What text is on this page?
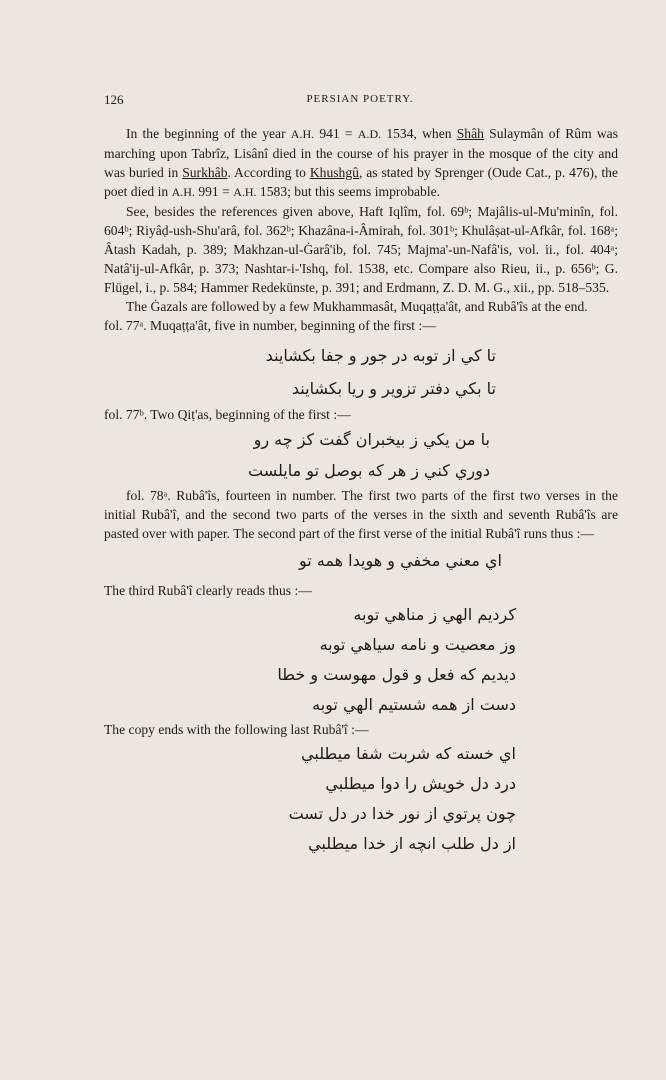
126	PERSIAN POETRY.

In the beginning of the year A.H. 941 = A.D. 1534, when Shâh Sulaymân of Rûm was marching upon Tabrîz, Lisânî died in the course of his prayer in the mosque of the city and was buried in Surkhâb. According to Khushgû, as stated by Sprenger (Oude Cat., p. 476), the poet died in A.H. 991 = A.H. 1583; but this seems improbable.

See, besides the references given above, Haft Iqlîm, fol. 69ᵇ; Majâlis-ul-Mu'minîn, fol. 604ᵇ; Riyâḍ-ush-Shu'arâ, fol. 362ᵇ; Khazâna-i-Âmirah, fol. 301ᵇ; Khulâṣat-ul-Afkâr, fol. 168ᵃ; Âtash Kadah, p. 389; Makhzan-ul-Ġarâ'ib, fol. 745; Majma'-un-Nafâ'is, vol. ii., fol. 404ᵃ; Natâ'ij-ul-Afkâr, p. 373; Nashtar-i-'Ishq, fol. 1538, etc. Compare also Rieu, ii., p. 656ᵇ; G. Flügel, i., p. 584; Hammer Redekünste, p. 391; and Erdmann, Z. D. M. G., xii., pp. 518–535.

The Ġazals are followed by a few Mukhammasât, Muqaṭṭa'ât, and Rubâ'îs at the end.

fol. 77ᵃ. Muqaṭṭa'ât, five in number, beginning of the first :—

تا كي از توبه در جور و جفا بكشايند
تا بكي دفتر تزوير و ريا بكشايند

fol. 77ᵇ. Two Qiṭ'as, beginning of the first :—

با من يكي ز بيخبران گفت كز چه رو
دوري كني ز هر كه بوصل تو مايلست

fol. 78ᵃ. Rubâ'îs, fourteen in number. The first two parts of the first two verses in the initial Rubâ'î, and the second two parts of the verses in the sixth and seventh Rubâ'îs are pasted over with paper. The second part of the first verse of the initial Rubâ'î runs thus :—

اي معني مخفي و هويدا همه تو

The third Rubâ'î clearly reads thus :—

كرديم الهي ز مناهي توبه
وز معصيت و نامه سياهي توبه
ديديم كه فعل و قول مهوست و خطا
دست از همه شستيم الهي توبه

The copy ends with the following last Rubâ'î :—

اي خسته كه شربت شفا ميطلبي
درد دل خويش را دوا ميطلبي
چون پرتوي از نور خدا در دل تست
از دل طلب انچه از خدا ميطلبي
